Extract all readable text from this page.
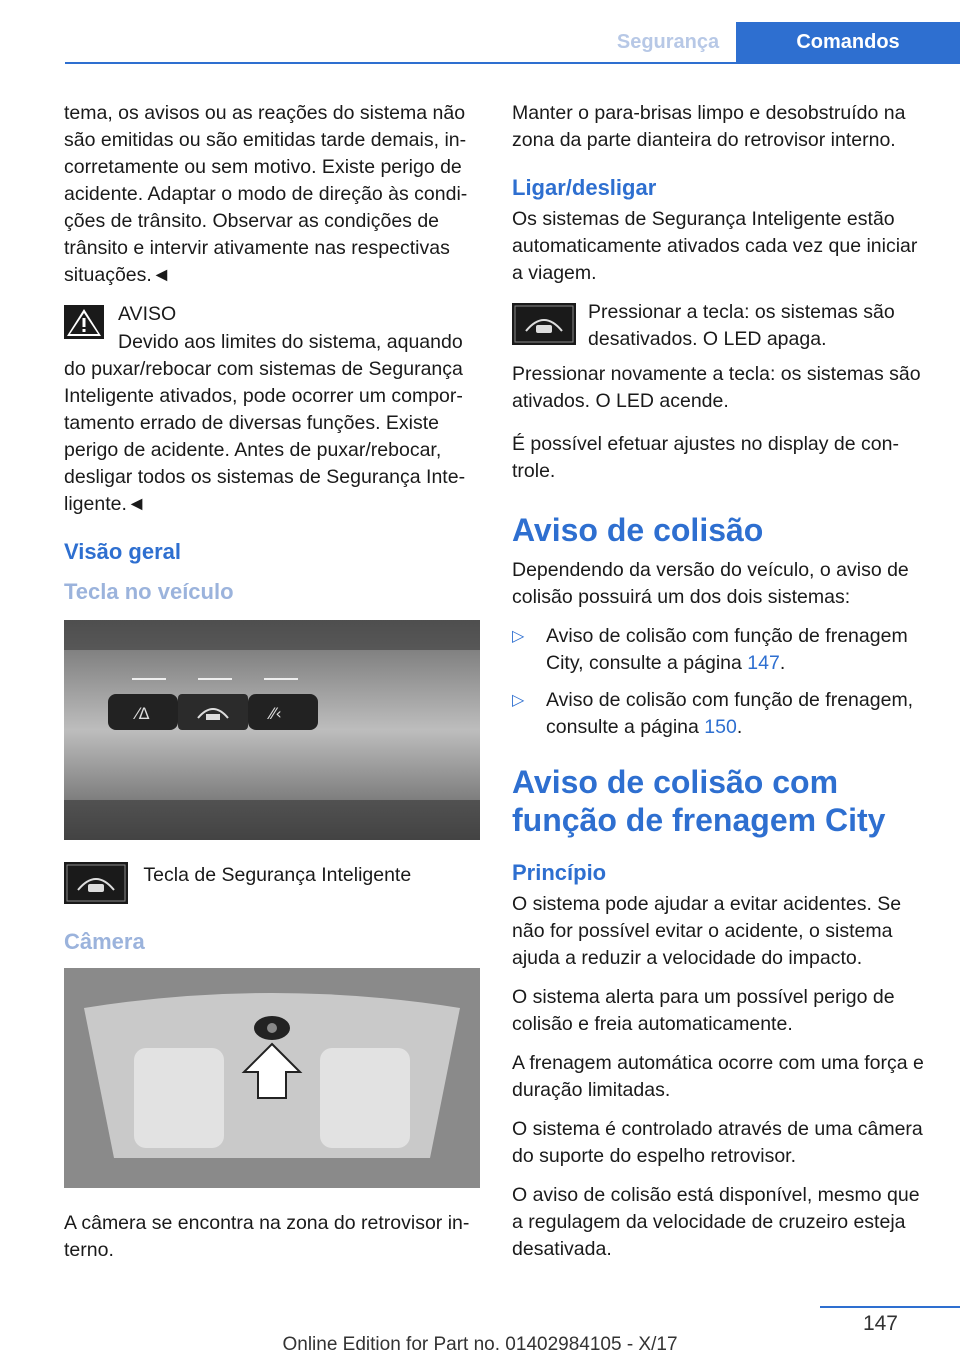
Segurança	Comandos

tema, os avisos ou as reações do sistema não são emitidas ou são emitidas tarde demais, incorretamente ou sem motivo. Existe perigo de acidente. Adaptar o modo de direção às condições de trânsito. Observar as condições de trânsito e intervir ativamente nas respectivas situações.◄

AVISO

Devido aos limites do sistema, aquando do puxar/rebocar com sistemas de Segurança Inteligente ativados, pode ocorrer um comportamento errado de diversas funções. Existe perigo de acidente. Antes de puxar/rebocar, desligar todos os sistemas de Segurança Inteligente.◄

Visão geral
Tecla no veículo
⁄Δ	⁄⁄‹
Tecla de Segurança Inteligente
Câmera

A câmera se encontra na zona do retrovisor interno.

Manter o para-brisas limpo e desobstruído na zona da parte dianteira do retrovisor interno.

Ligar/desligar

Os sistemas de Segurança Inteligente estão automaticamente ativados cada vez que iniciar a viagem.

Pressionar a tecla: os sistemas são desativados. O LED apaga.

Pressionar novamente a tecla: os sistemas são ativados. O LED acende.

É possível efetuar ajustes no display de controle.

Aviso de colisão

Dependendo da versão do veículo, o aviso de colisão possuirá um dos dois sistemas:

▷ Aviso de colisão com função de frenagem City, consulte a página 147.
▷ Aviso de colisão com função de frenagem, consulte a página 150.
Aviso de colisão com função de frenagem City
Princípio

O sistema pode ajudar a evitar acidentes. Se não for possível evitar o acidente, o sistema ajuda a reduzir a velocidade do impacto.

O sistema alerta para um possível perigo de colisão e freia automaticamente.

A frenagem automática ocorre com uma força e duração limitadas.

O sistema é controlado através de uma câmera do suporte do espelho retrovisor.

O aviso de colisão está disponível, mesmo que a regulagem da velocidade de cruzeiro esteja desativada.

147
Online Edition for Part no. 01402984105 - X/17
